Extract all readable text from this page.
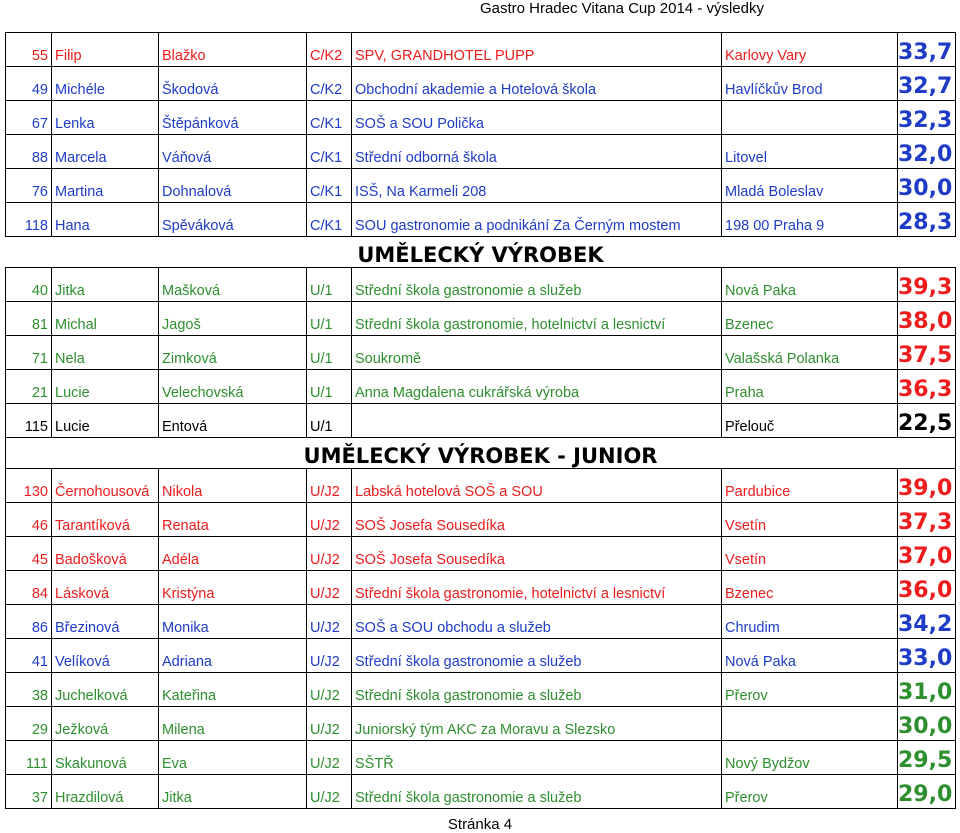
Gastro Hradec Vitana Cup 2014 - výsledky
55	Filip	Blažko	C/K2	SPV, GRANDHOTEL PUPP	Karlovy Vary	33,7
49	Michéle	Škodová	C/K2	Obchodní akademie a Hotelová škola	Havlíčkův Brod	32,7
67	Lenka	Štěpánková	C/K1	SOŠ a SOU Polička		32,3
88	Marcela	Váňová	C/K1	Střední odborná škola	Litovel	32,0
76	Martina	Dohnalová	C/K1	ISŠ, Na Karmeli 208	Mladá Boleslav	30,0
118	Hana	Spěváková	C/K1	SOU gastronomie a podnikání Za Černým mostem	198 00 Praha 9	28,3
UMĚLECKÝ VÝROBEK						
40	Jitka	Mašková	U/1	Střední škola gastronomie a služeb	Nová Paka	39,3
81	Michal	Jagoš	U/1	Střední škola gastronomie, hotelnictví a lesnictví	Bzenec	38,0
71	Nela	Zimková	U/1	Soukromě	Valašská Polanka	37,5
21	Lucie	Velechovská	U/1	Anna Magdalena cukrářská výroba	Praha	36,3
115	Lucie	Entová	U/1		Přelouč	22,5
UMĚLECKÝ VÝROBEK - JUNIOR						
130	Černohousová	Nikola	U/J2	Labská hotelová SOŠ a SOU	Pardubice	39,0
46	Tarantíková	Renata	U/J2	SOŠ Josefa Sousedíka	Vsetín	37,3
45	Badošková	Adéla	U/J2	SOŠ Josefa Sousedíka	Vsetín	37,0
84	Lásková	Kristýna	U/J2	Střední škola gastronomie, hotelnictví a lesnictví	Bzenec	36,0
86	Březinová	Monika	U/J2	SOŠ a SOU obchodu a služeb	Chrudim	34,2
41	Velíková	Adriana	U/J2	Střední škola gastronomie a služeb	Nová Paka	33,0
38	Juchelková	Kateřina	U/J2	Střední škola gastronomie a služeb	Přerov	31,0
29	Ježková	Milena	U/J2	Juniorský tým AKC za Moravu a Slezsko		30,0
111	Skakunová	Eva	U/J2	SŠTŘ	Nový Bydžov	29,5
37	Hrazdilová	Jitka	U/J2	Střední škola gastronomie a služeb	Přerov	29,0
Stránka 4
